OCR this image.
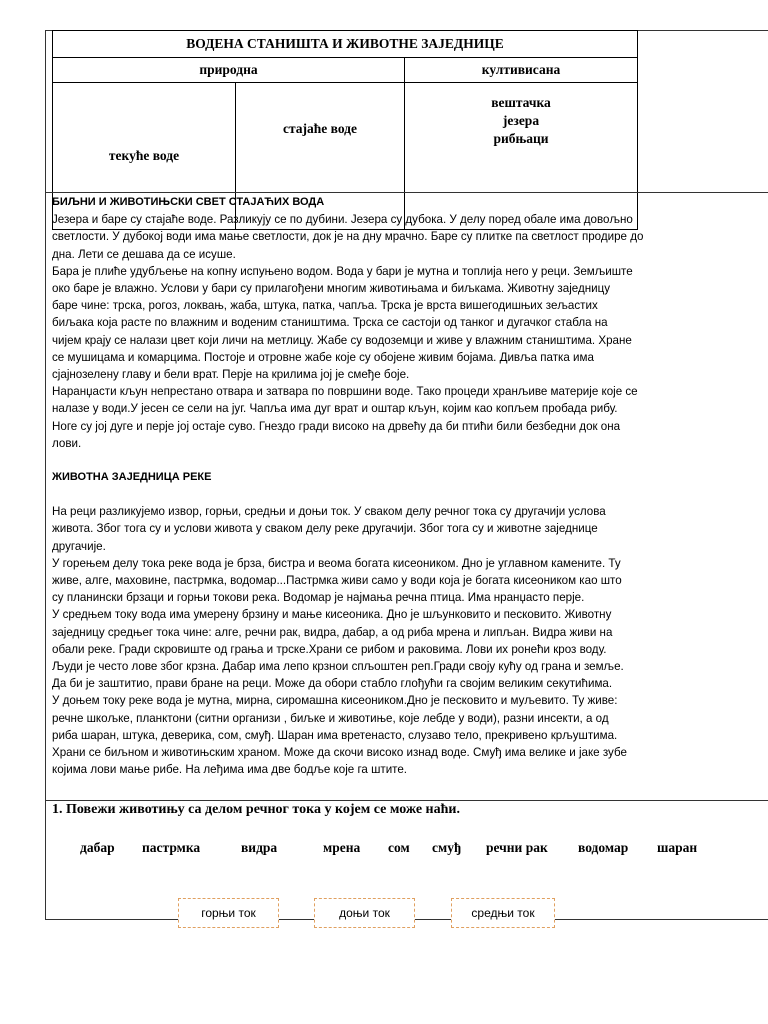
ВОДЕНА СТАНИШТА И ЖИВОТНЕ ЗАЈЕДНИЦЕ		
природна		култивисана
текуће воде	стајаће воде	вештачка
језера
рибњаци

БИЉНИ И ЖИВОТИЊСКИ СВЕТ СТАЈАЋИХ ВОДА

Језера и баре су стајаће воде. Разликују се по дубини. Језера су дубока. У делу поред обале има довољно

светлости. У дубокој води има мање светлости, док је на дну мрачно. Баре су плитке па светлост продире до

дна. Лети се дешава да се исуше.

Бара је плиће удубљење на копну испуњено водом. Вода у бари је мутна и топлија него у реци. Земљиште

око баре је влажно. Услови у бари су прилагођени многим животињама и биљкама. Животну заједницу

баре чине: трска, рогоз, локвањ, жаба, штука, патка, чапља. Трска је врста вишегодишњих зељастих

биљака која расте по влажним и воденим стаништима. Трска се састоји од танког и дугачког стабла на

чијем крају се налази цвет који личи на метлицу. Жабе су водоземци и живе у влажним стаништима. Хране

се мушицама и комарцима. Постоје и отровне жабе које су обојене живим бојама. Дивља патка има

сјајнозелену главу и бели врат. Перје на крилима јој је смеђе боје.

Наранџасти кљун непрестано отвара и затвара по површини воде. Тако процеди хранљиве материје које се

налазе у води.У јесен се сели на југ. Чапља има дуг врат и оштар кљун, којим као копљем пробада рибу.

Ноге су јој дуге и перје јој остаје суво. Гнездо гради високо на дрвећу да би птићи били безбедни док она

лови.

ЖИВОТНА ЗАЈЕДНИЦА РЕКЕ

На реци разликујемо извор, горњи, средњи и доњи ток. У сваком делу речног тока су другачији услова

живота. Због тога су и услови живота у сваком делу реке другачији. Због тога су и животне заједнице

другачије.

У горењем делу тока реке вода је брза, бистра и веома богата кисеоником. Дно је углавном камените. Ту

живе, алге, маховине, пастрмка, водомар...Пастрмка живи само у води која је богата кисеоником као што

су планински брзаци и горњи токови река. Водомар је најмања речна птица. Има нранџасто перје.

У средњем току вода има умерену брзину и мање кисеоника. Дно је шљунковито и песковито. Животну

заједницу средњег тока чине: алге, речни рак, видра, дабар, а од риба мрена и липљан. Видра живи на

обали реке. Гради скровиште од грања и трске.Храни се рибом и раковима. Лови их ронећи кроз воду.

Људи је често лове због крзна. Дабар има лепо крзнои спљоштен реп.Гради своју кућу од грана и земље.

Да би је заштитио, прави бране на реци. Може да обори стабло глођући га својим великим секутићима.

У доњем току реке вода је мутна, мирна, сиромашна кисеоником.Дно је песковито и муљевито. Ту живе:

речне шкољке, планктони (ситни организи , биљке и животиње, које лебде у води), разни инсекти, а од

риба шаран, штука, деверика, сом, смуђ. Шаран има вретенасто, слузаво тело, прекривено крљуштима.

Храни се биљном и животињским храном. Може да скочи високо изнад воде. Смуђ има велике и јаке зубе

којима лови мање рибе. На леђима има две бодље које га штите.

1. Повежи животињу са делом речног тока у којем се може наћи.
дабар пастрмка	видра	мрена сом смуђ речни рак водомар шаран
горњи ток	доњи ток	средњи ток
